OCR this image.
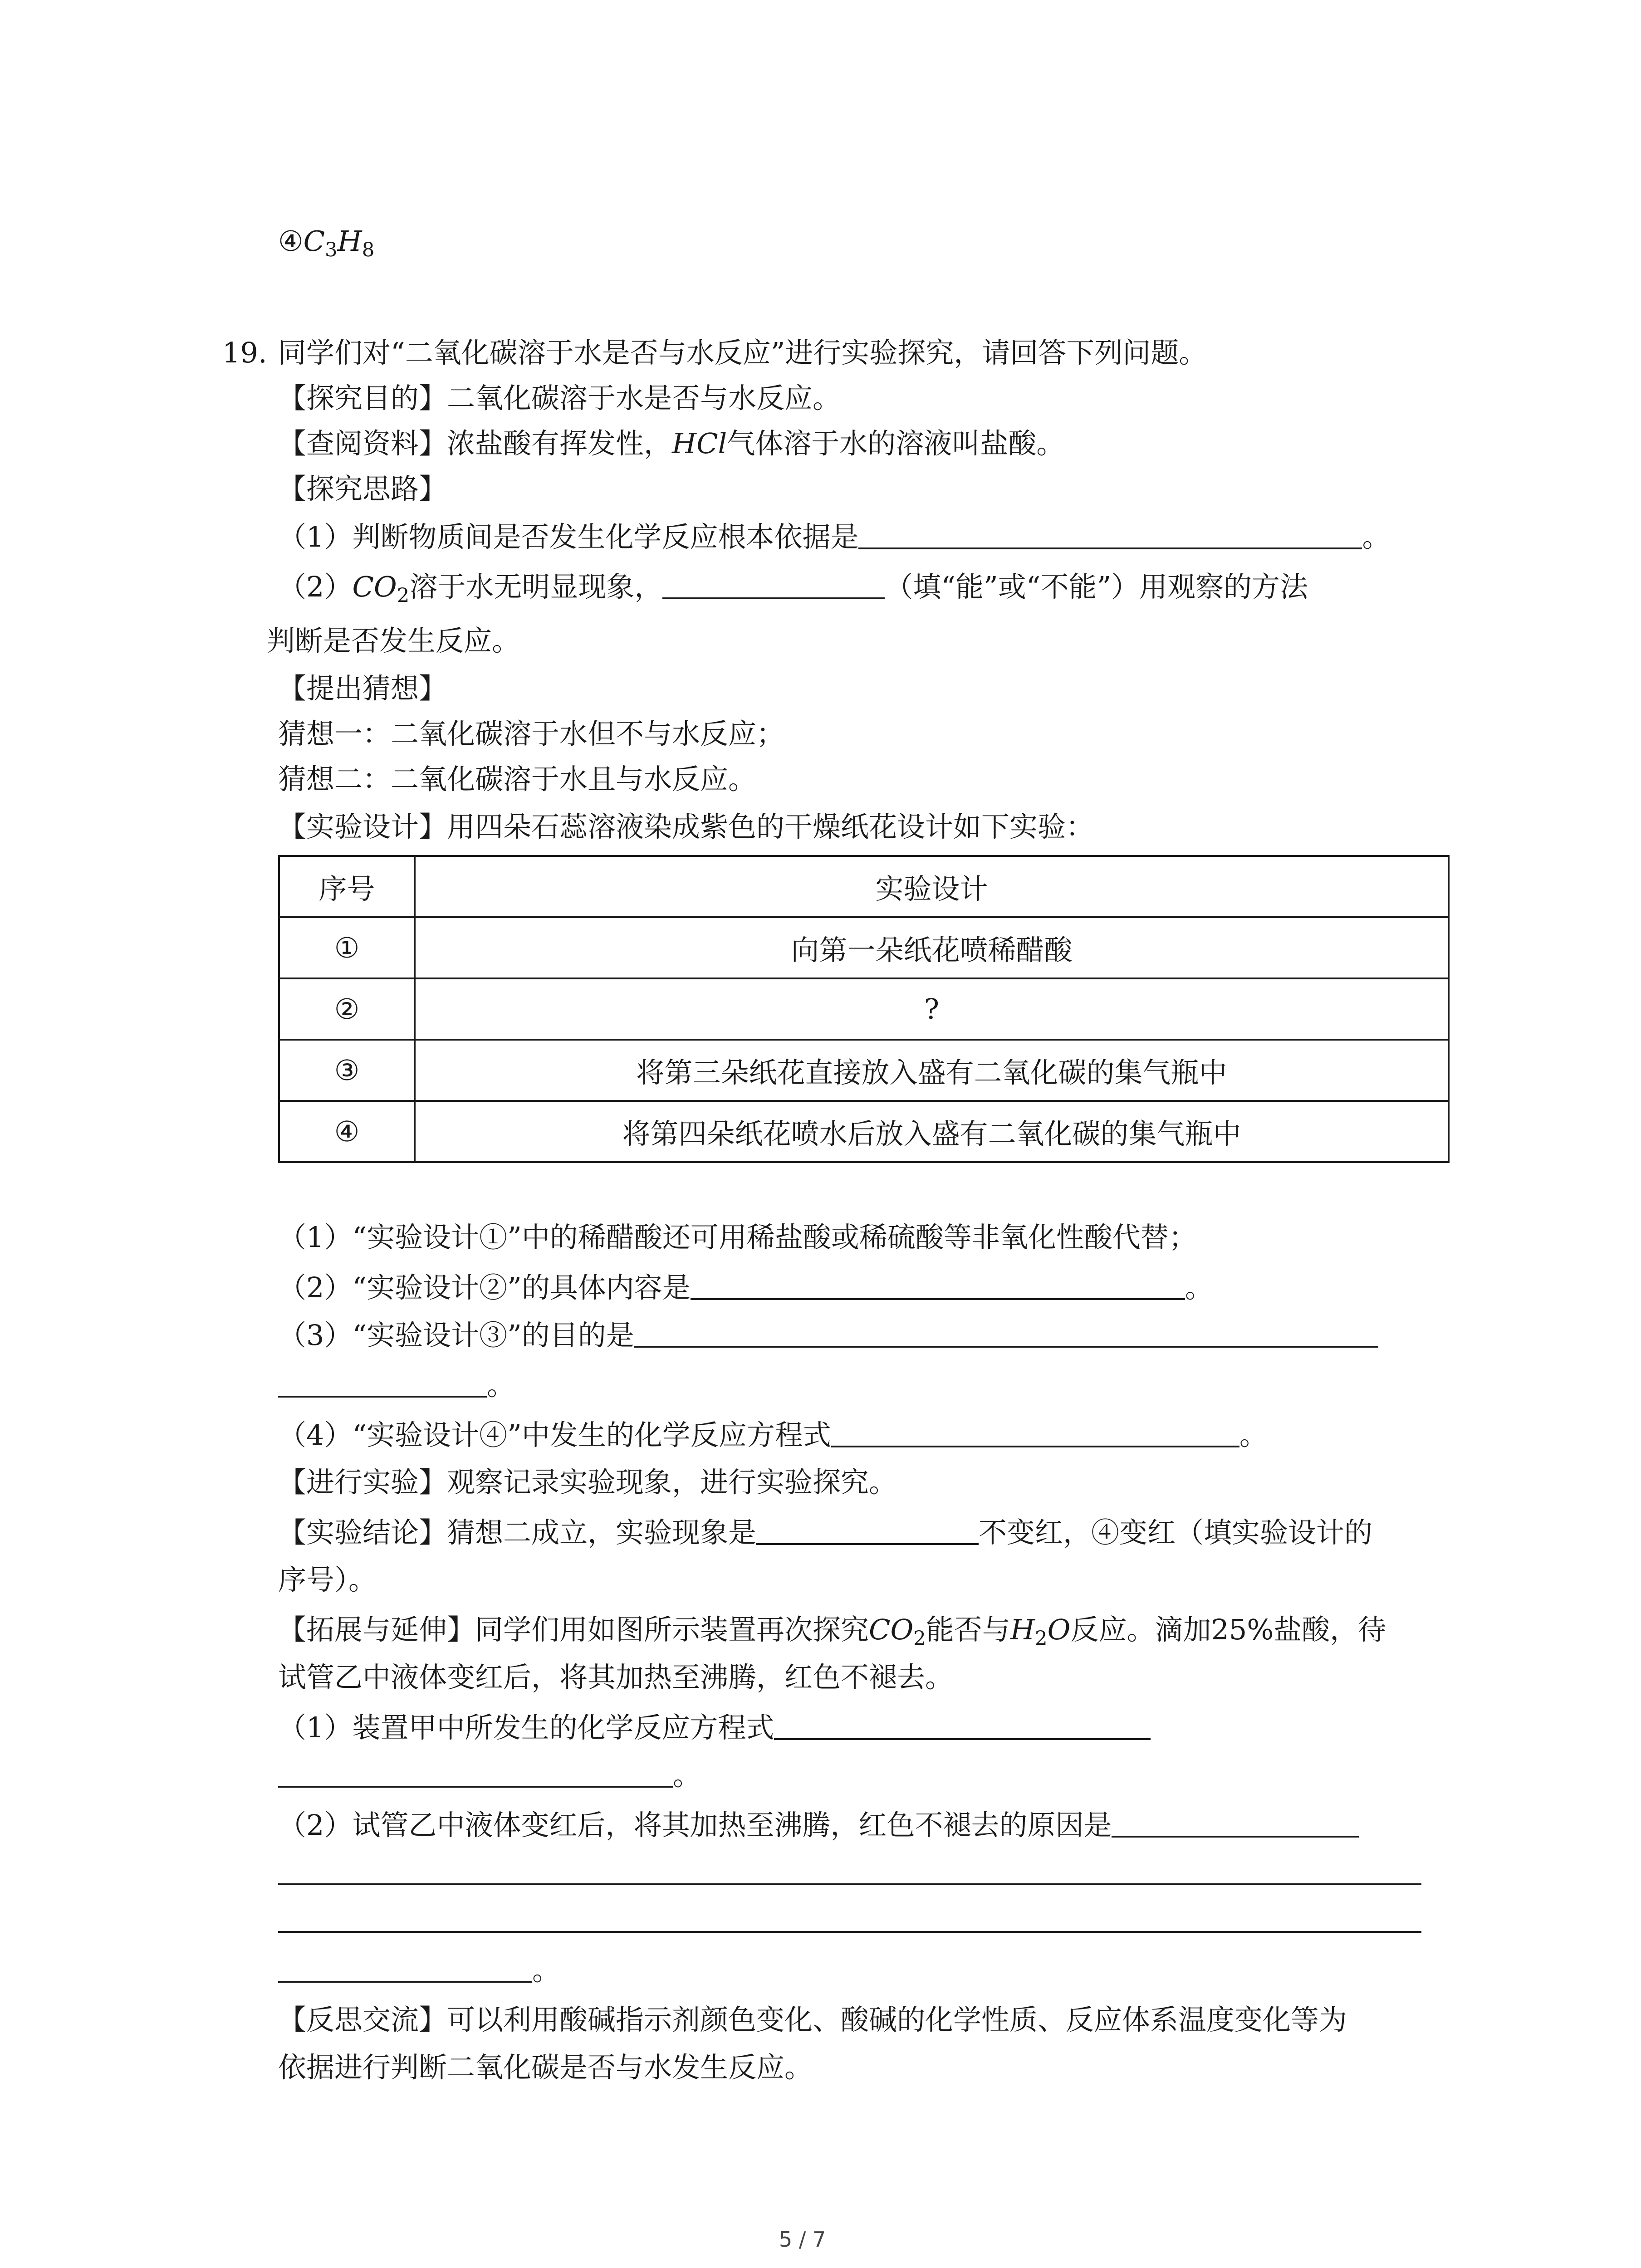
$④C_3H_8$
19. 同学们对“二氧化碳溶于水是否与水反应”进行实验探究，请回答下列问题。
【探究目的】二氧化碳溶于水是否与水反应。
【查阅资料】浓盐酸有挥发性，HCl气体溶于水的溶液叫盐酸。
【探究思路】
（1）判断物质间是否发生化学反应根本依据是	。
$(2)CO_2$溶于水无明显现象，	（填“能”或“不能”）用观察的方法
判断是否发生反应。
【提出猜想】
猜想一：二氧化碳溶于水但不与水反应；
猜想二：二氧化碳溶于水且与水反应。
【实验设计】用四朵石蕊溶液染成紫色的干燥纸花设计如下实验：
序号	实验设计
①	向第一朵纸花喷稀醋酸
②	?
③	将第三朵纸花直接放入盛有二氧化碳的集气瓶中
④	将第四朵纸花喷水后放入盛有二氧化碳的集气瓶中
（1）“实验设计①”中的稀醋酸还可用稀盐酸或稀硫酸等非氧化性酸代替；
（2）“实验设计②”的具体内容是	。
（3）“实验设计③”的目的是
。
（4）“实验设计④”中发生的化学反应方程式	。
【进行实验】观察记录实验现象，进行实验探究。
【实验结论】猜想二成立，实验现象是	不变红，④变红（填实验设计的
序号）。
【拓展与延伸】同学们用如图所示装置再次探究$CO_2$能否与$H_2O$反应。滴加25%盐酸，待
试管乙中液体变红后，将其加热至沸腾，红色不褪去。
（1）装置甲中所发生的化学反应方程式
。
（2）试管乙中液体变红后，将其加热至沸腾，红色不褪去的原因是
。
【反思交流】可以利用酸碱指示剂颜色变化、酸碱的化学性质、反应体系温度变化等为
依据进行判断二氧化碳是否与水发生反应。
5 / 7
